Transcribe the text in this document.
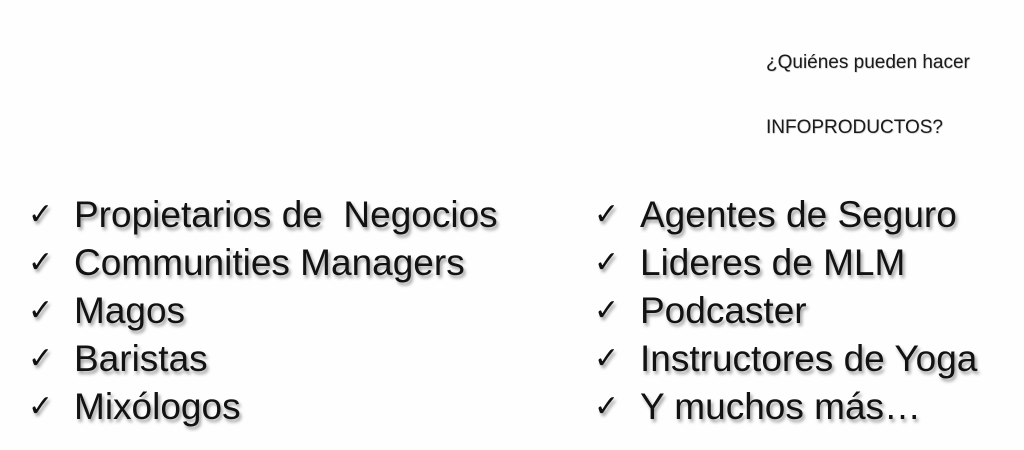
¿Quiénes pueden hacer

INFOPRODUCTOS?

✓ Propietarios de  Negocios
✓ Communities Managers
✓ Magos
✓ Baristas
✓ Mixólogos
✓ Agentes de Seguro
✓ Lideres de MLM
✓ Podcaster
✓ Instructores de Yoga
✓ Y muchos más…
